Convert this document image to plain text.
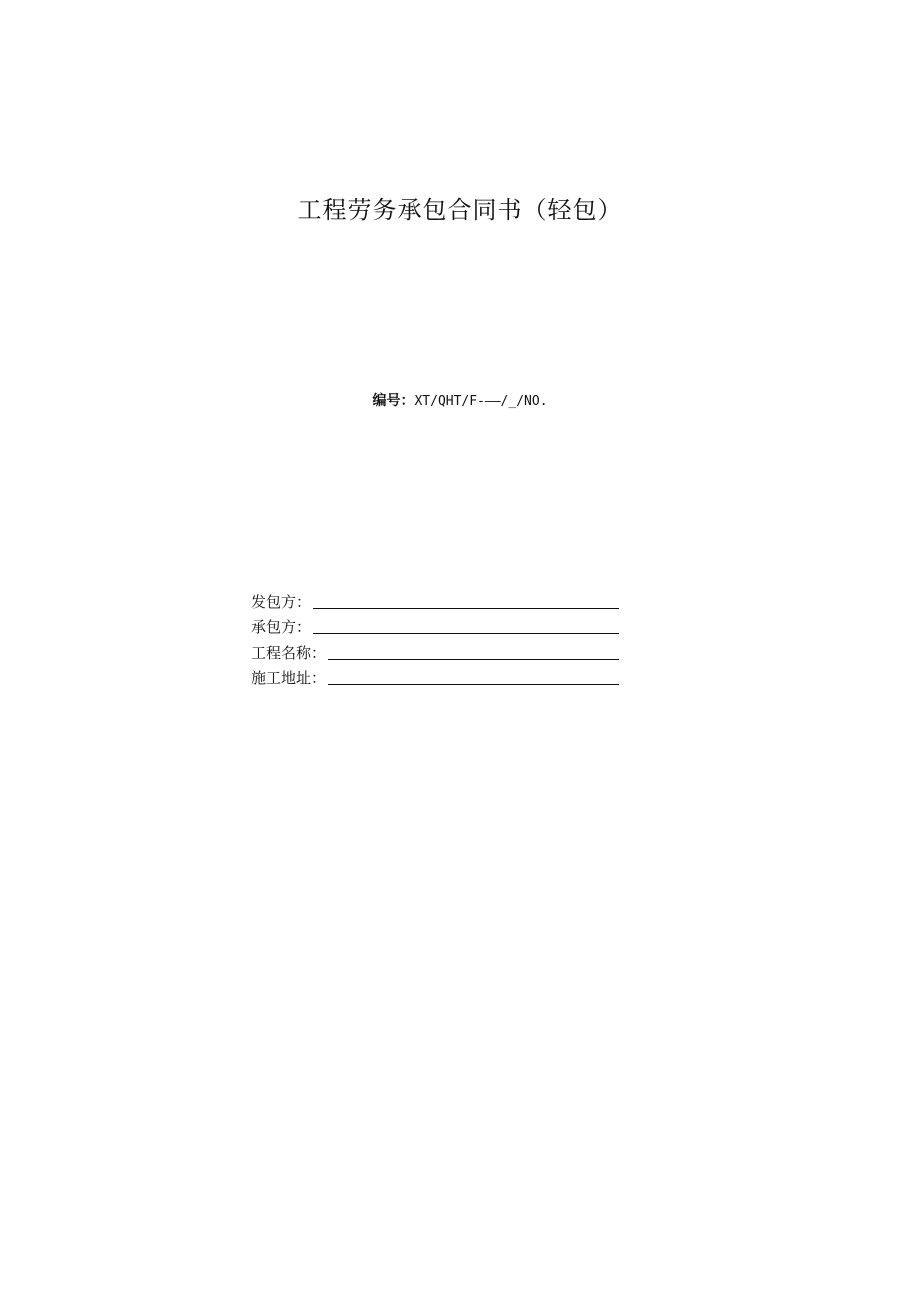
工程劳务承包合同书（轻包）
编号：XT/QHT/F-——/_/NO.
发包方：
承包方：
工程名称：
施工地址：
